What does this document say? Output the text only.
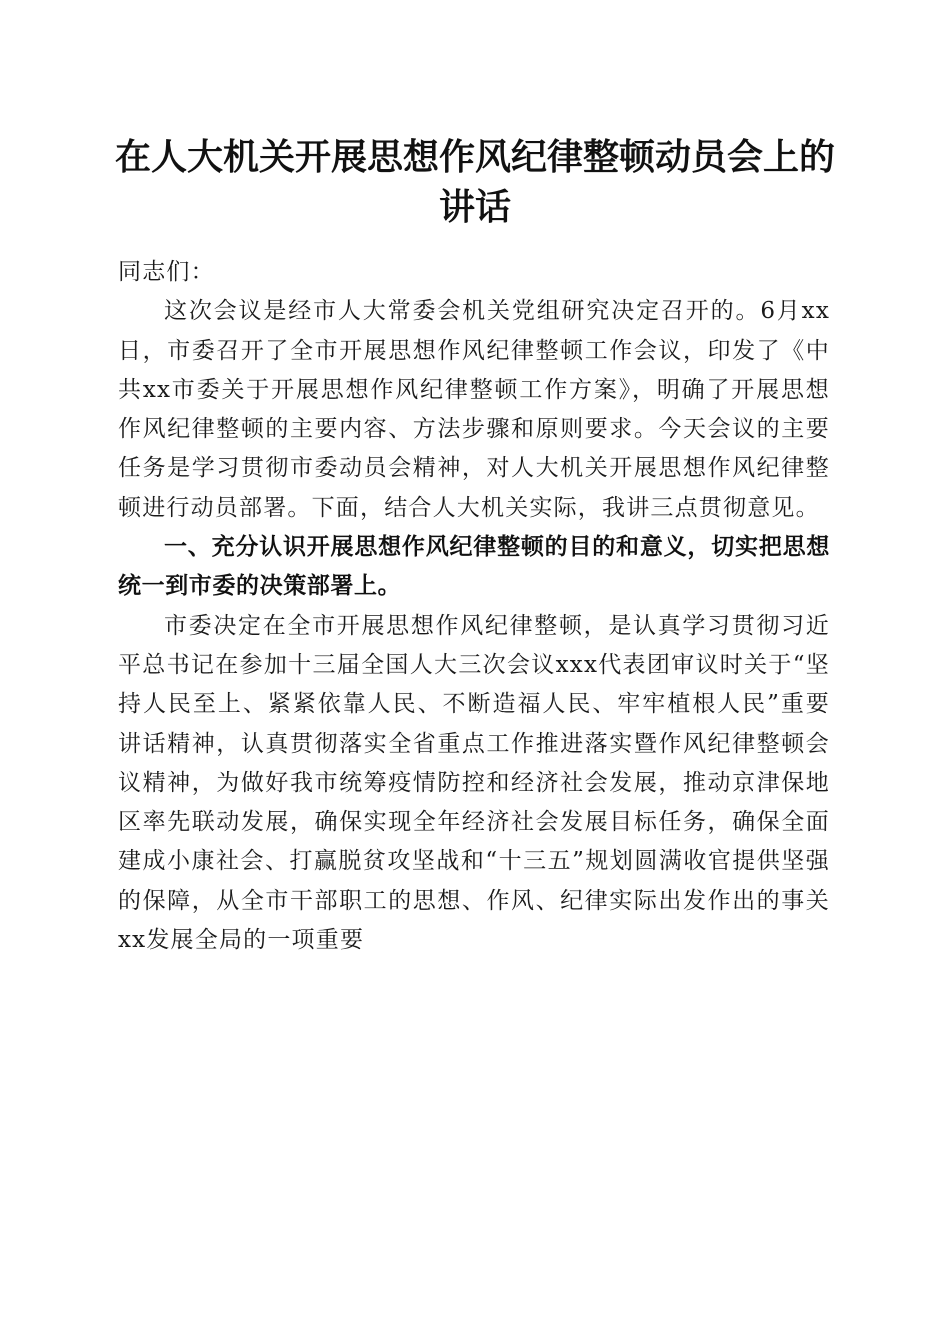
在人大机关开展思想作风纪律整顿动员会上的讲话

同志们：

这次会议是经市人大常委会机关党组研究决定召开的。6月xx日，市委召开了全市开展思想作风纪律整顿工作会议，印发了《中共xx市委关于开展思想作风纪律整顿工作方案》，明确了开展思想作风纪律整顿的主要内容、方法步骤和原则要求。今天会议的主要任务是学习贯彻市委动员会精神，对人大机关开展思想作风纪律整顿进行动员部署。下面，结合人大机关实际，我讲三点贯彻意见。

一、充分认识开展思想作风纪律整顿的目的和意义，切实把思想统一到市委的决策部署上。

市委决定在全市开展思想作风纪律整顿，是认真学习贯彻习近平总书记在参加十三届全国人大三次会议xxx代表团审议时关于“坚持人民至上、紧紧依靠人民、不断造福人民、牢牢植根人民”重要讲话精神，认真贯彻落实全省重点工作推进落实暨作风纪律整顿会议精神，为做好我市统筹疫情防控和经济社会发展，推动京津保地区率先联动发展，确保实现全年经济社会发展目标任务，确保全面建成小康社会、打赢脱贫攻坚战和“十三五”规划圆满收官提供坚强的保障，从全市干部职工的思想、作风、纪律实际出发作出的事关xx发展全局的一项重要
